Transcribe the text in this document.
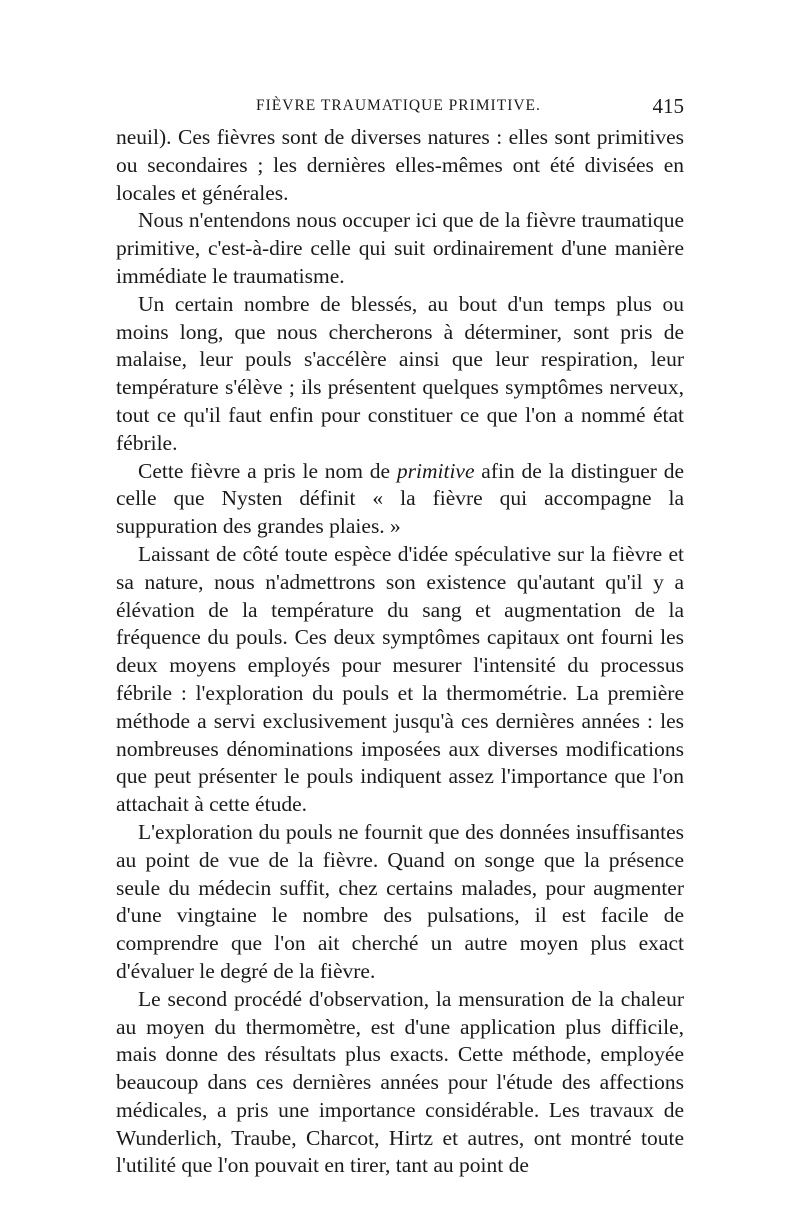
FIÈVRE TRAUMATIQUE PRIMITIVE.	415

neuil). Ces fièvres sont de diverses natures : elles sont primitives ou secondaires ; les dernières elles-mêmes ont été divisées en locales et générales.

Nous n'entendons nous occuper ici que de la fièvre traumatique primitive, c'est-à-dire celle qui suit ordinairement d'une manière immédiate le traumatisme.

Un certain nombre de blessés, au bout d'un temps plus ou moins long, que nous chercherons à déterminer, sont pris de malaise, leur pouls s'accélère ainsi que leur respiration, leur température s'élève ; ils présentent quelques symptômes nerveux, tout ce qu'il faut enfin pour constituer ce que l'on a nommé état fébrile.

Cette fièvre a pris le nom de primitive afin de la distinguer de celle que Nysten définit « la fièvre qui accompagne la suppuration des grandes plaies. »

Laissant de côté toute espèce d'idée spéculative sur la fièvre et sa nature, nous n'admettrons son existence qu'autant qu'il y a élévation de la température du sang et augmentation de la fréquence du pouls. Ces deux symptômes capitaux ont fourni les deux moyens employés pour mesurer l'intensité du processus fébrile : l'exploration du pouls et la thermométrie. La première méthode a servi exclusivement jusqu'à ces dernières années : les nombreuses dénominations imposées aux diverses modifications que peut présenter le pouls indiquent assez l'importance que l'on attachait à cette étude.

L'exploration du pouls ne fournit que des données insuffisantes au point de vue de la fièvre. Quand on songe que la présence seule du médecin suffit, chez certains malades, pour augmenter d'une vingtaine le nombre des pulsations, il est facile de comprendre que l'on ait cherché un autre moyen plus exact d'évaluer le degré de la fièvre.

Le second procédé d'observation, la mensuration de la chaleur au moyen du thermomètre, est d'une application plus difficile, mais donne des résultats plus exacts. Cette méthode, employée beaucoup dans ces dernières années pour l'étude des affections médicales, a pris une importance considérable. Les travaux de Wunderlich, Traube, Charcot, Hirtz et autres, ont montré toute l'utilité que l'on pouvait en tirer, tant au point de
